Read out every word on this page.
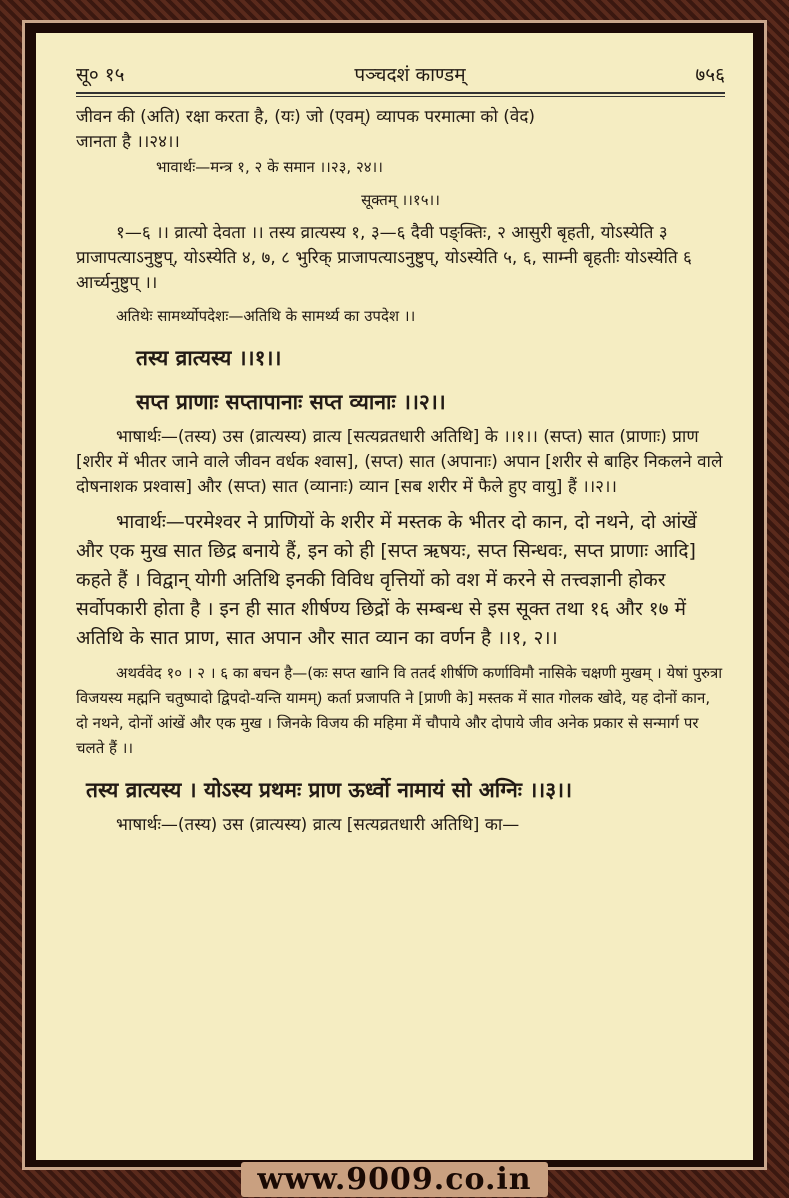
सू० १५	पञ्चदशं काण्डम्	७५६

जीवन की (अति) रक्षा करता है, (यः) जो (एवम्) व्यापक परमात्मा को (वेद)

जानता है ।।२४।।

भावार्थः—मन्त्र १, २ के समान ।।२३, २४।।

सूक्तम् ।।१५।।

१—६ ।। व्रात्यो देवता ।। तस्य व्रात्यस्य १, ३—६ दैवी पङ्क्तिः, २ आसुरी बृहती, योऽस्येति ३ प्राजापत्याऽनुष्टुप्, योऽस्येति ४, ७, ८ भुरिक् प्राजापत्याऽनुष्टुप्, योऽस्येति ५, ६, साम्नी बृहतीः योऽस्येति ६ आर्च्यनुष्टुप् ।।

अतिथेः सामर्थ्योपदेशः—अतिथि के सामर्थ्य का उपदेश ।।

तस्य व्रात्यस्य ।।१।।

सप्त प्राणाः सप्तापानाः सप्त व्यानाः ।।२।।

भाषार्थः—(तस्य) उस (व्रात्यस्य) व्रात्य [सत्यव्रतधारी अतिथि] के ।।१।। (सप्त) सात (प्राणाः) प्राण [शरीर में भीतर जाने वाले जीवन वर्धक श्वास], (सप्त) सात (अपानाः) अपान [शरीर से बाहिर निकलने वाले दोषनाशक प्रश्वास] और (सप्त) सात (व्यानाः) व्यान [सब शरीर में फैले हुए वायु] हैं ।।२।।

भावार्थः—परमेश्वर ने प्राणियों के शरीर में मस्तक के भीतर दो कान, दो नथने, दो आंखें और एक मुख सात छिद्र बनाये हैं, इन को ही [सप्त ऋषयः, सप्त सिन्धवः, सप्त प्राणाः आदि] कहते हैं । विद्वान् योगी अतिथि इनकी विविध वृत्तियों को वश में करने से तत्त्वज्ञानी होकर सर्वोपकारी होता है । इन ही सात शीर्षण्य छिद्रों के सम्बन्ध से इस सूक्त तथा १६ और १७ में अतिथि के सात प्राण, सात अपान और सात व्यान का वर्णन है ।।१, २।।

अथर्ववेद १० । २ । ६ का बचन है—(कः सप्त खानि वि ततर्द शीर्षणि कर्णाविमौ नासिके चक्षणी मुखम् । येषां पुरुत्रा विजयस्य मह्मनि चतुष्पादो द्विपदो-यन्ति यामम्) कर्ता प्रजापति ने [प्राणी के] मस्तक में सात गोलक खोदे, यह दोनों कान, दो नथने, दोनों आंखें और एक मुख । जिनके विजय की महिमा में चौपाये और दोपाये जीव अनेक प्रकार से सन्मार्ग पर चलते हैं ।।

तस्य व्रात्यस्य । योऽस्य प्रथमः प्राण ऊर्ध्वो नामायं सो अग्निः ।।३।।

भाषार्थः—(तस्य) उस (व्रात्यस्य) व्रात्य [सत्यव्रतधारी अतिथि] का—

www.9009.co.in
